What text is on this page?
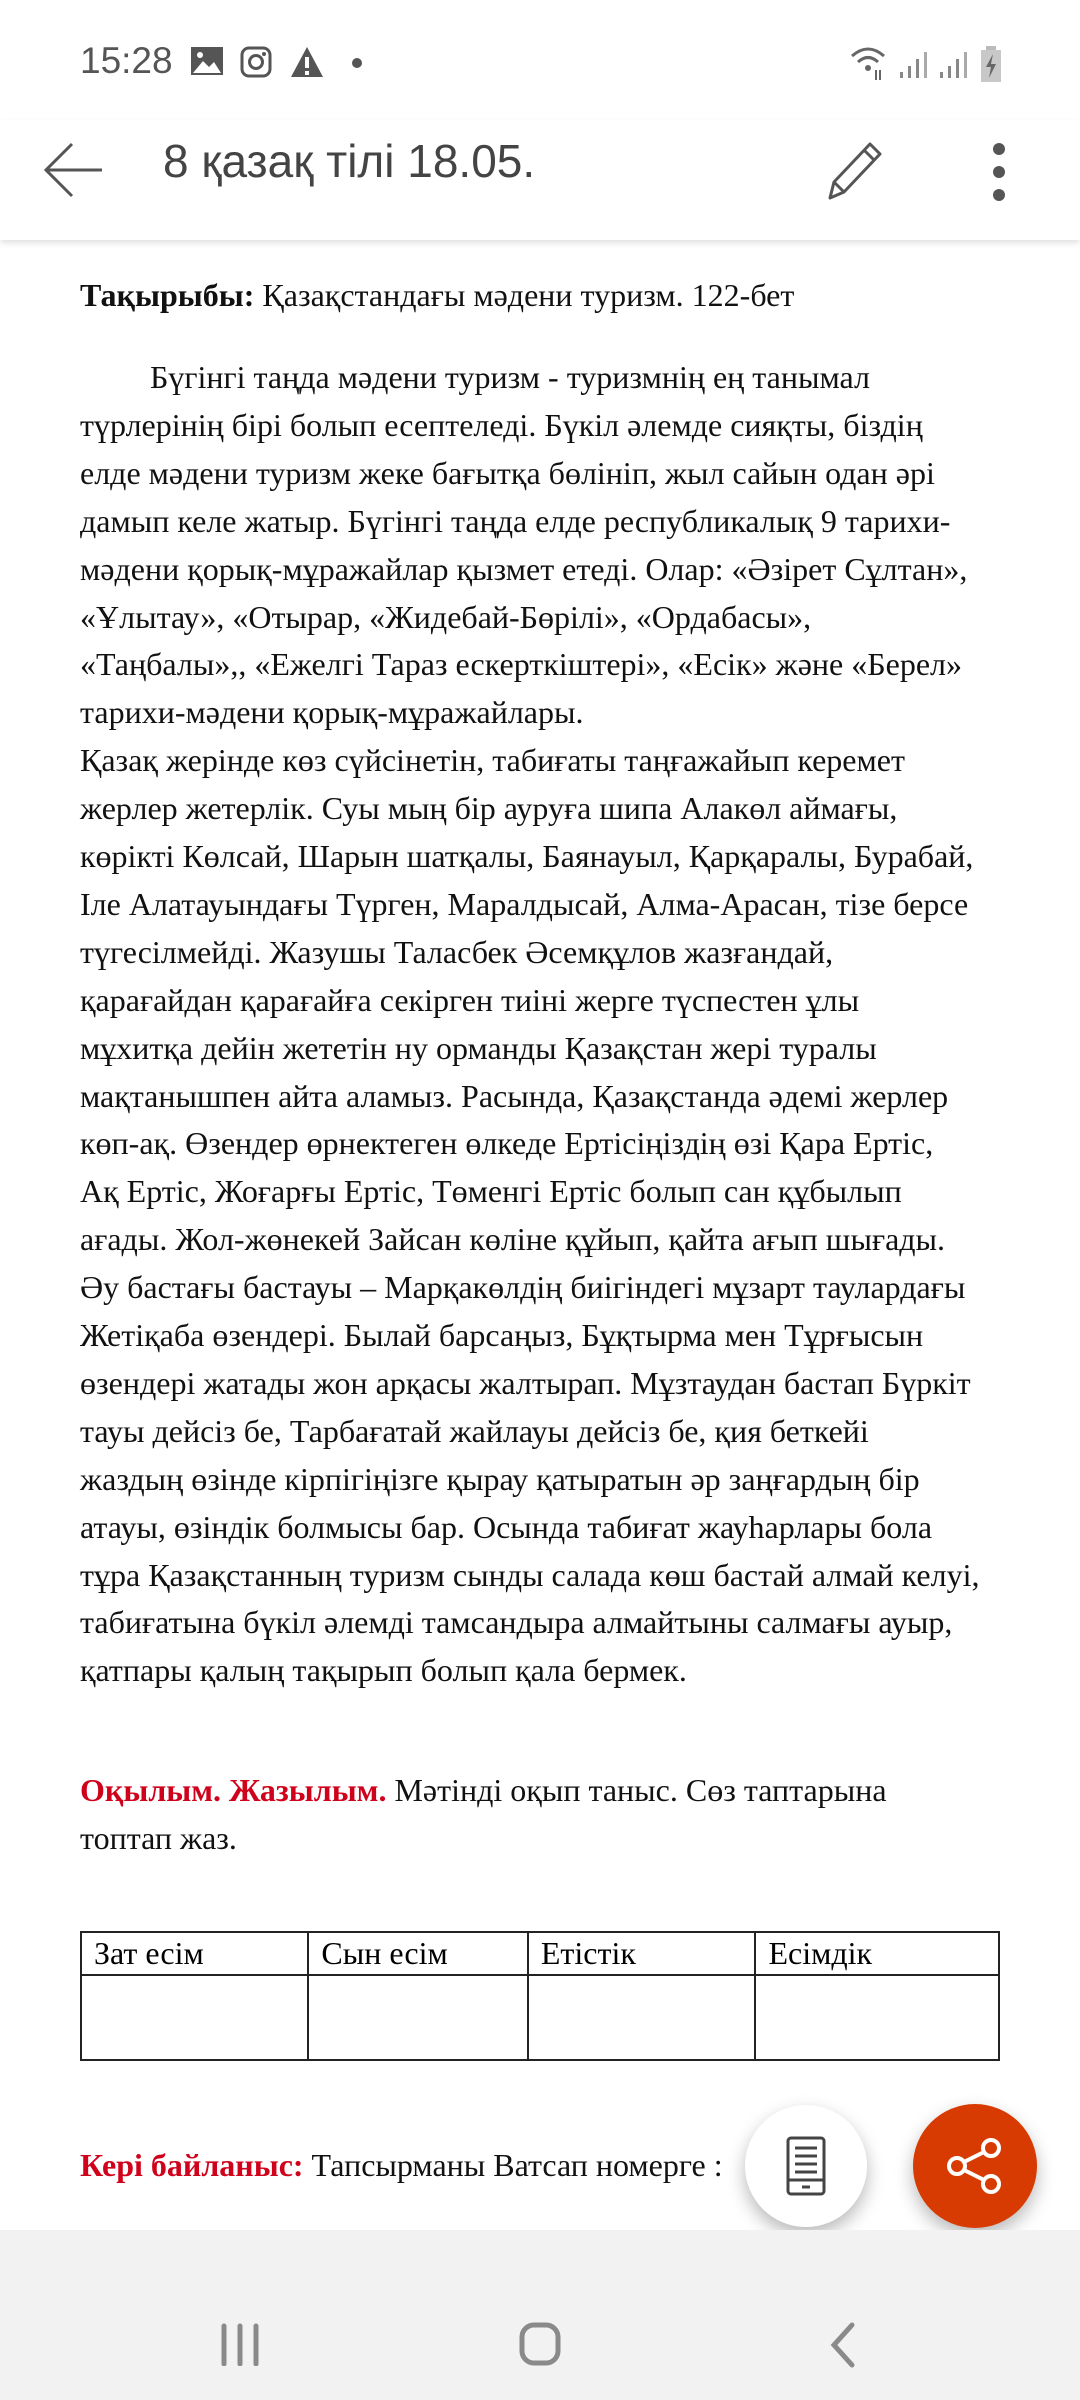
15:28
8 қазақ тілі 18.05.
Тақырыбы: Қазақстандағы мәдени туризм. 122-бет
Бүгінгі таңда мәдени туризм - туризмнің ең танымал
түрлерінің бірі болып есептеледі. Бүкіл әлемде сияқты, біздің
елде мәдени туризм жеке бағытқа бөлініп, жыл сайын одан әрі
дамып келе жатыр. Бүгінгі таңда елде республикалық 9 тарихи-
мәдени қорық-мұражайлар қызмет етеді. Олар: «Әзірет Сұлтан»,
«Ұлытау», «Отырар, «Жидебай-Бөрілі», «Ордабасы»,
«Таңбалы»,, «Ежелгі Тараз ескерткіштері», «Есік» және «Берел»
тарихи-мәдени қорық-мұражайлары.
Қазақ жерінде көз сүйсінетін, табиғаты таңғажайып керемет
жерлер жетерлік. Суы мың бір ауруға шипа Алакөл аймағы,
көрікті Көлсай, Шарын шатқалы, Баянауыл, Қарқаралы, Бурабай,
Іле Алатауындағы Түрген, Маралдысай, Алма-Арасан, тізе берсе
түгесілмейді. Жазушы Таласбек Әсемқұлов жазғандай,
қарағайдан қарағайға секірген тиіні жерге түспестен ұлы
мұхитқа дейін жететін ну орманды Қазақстан жері туралы
мақтанышпен айта аламыз. Расында, Қазақстанда әдемі жерлер
көп-ақ. Өзендер өрнектеген өлкеде Ертісіңіздің өзі Қара Ертіс,
Ақ Ертіс, Жоғарғы Ертіс, Төменгі Ертіс болып сан құбылып
ағады. Жол-жөнекей Зайсан көліне құйып, қайта ағып шығады.
Әу бастағы бастауы – Марқакөлдің биігіндегі мұзарт таулардағы
Жетіқаба өзендері. Былай барсаңыз, Бұқтырма мен Тұрғысын
өзендері жатады жон арқасы жалтырап. Мұзтаудан бастап Бүркіт
тауы дейсіз бе, Тарбағатай жайлауы дейсіз бе, қия беткейі
жаздың өзінде кірпігіңізге қырау қатыратын әр заңғардың бір
атауы, өзіндік болмысы бар. Осында табиғат жауһарлары бола
тұра Қазақстанның туризм сынды салада көш бастай алмай келуі,
табиғатына бүкіл әлемді тамсандыра алмайтыны салмағы ауыр,
қатпары қалың тақырып болып қала бермек.
Оқылым. Жазылым. Мәтінді оқып таныс. Сөз таптарына
топтап жаз.
Кері байланыс: Тапсырманы Ватсап номерге :
Зат есім	Сын есім	Етістік	Есімдік
